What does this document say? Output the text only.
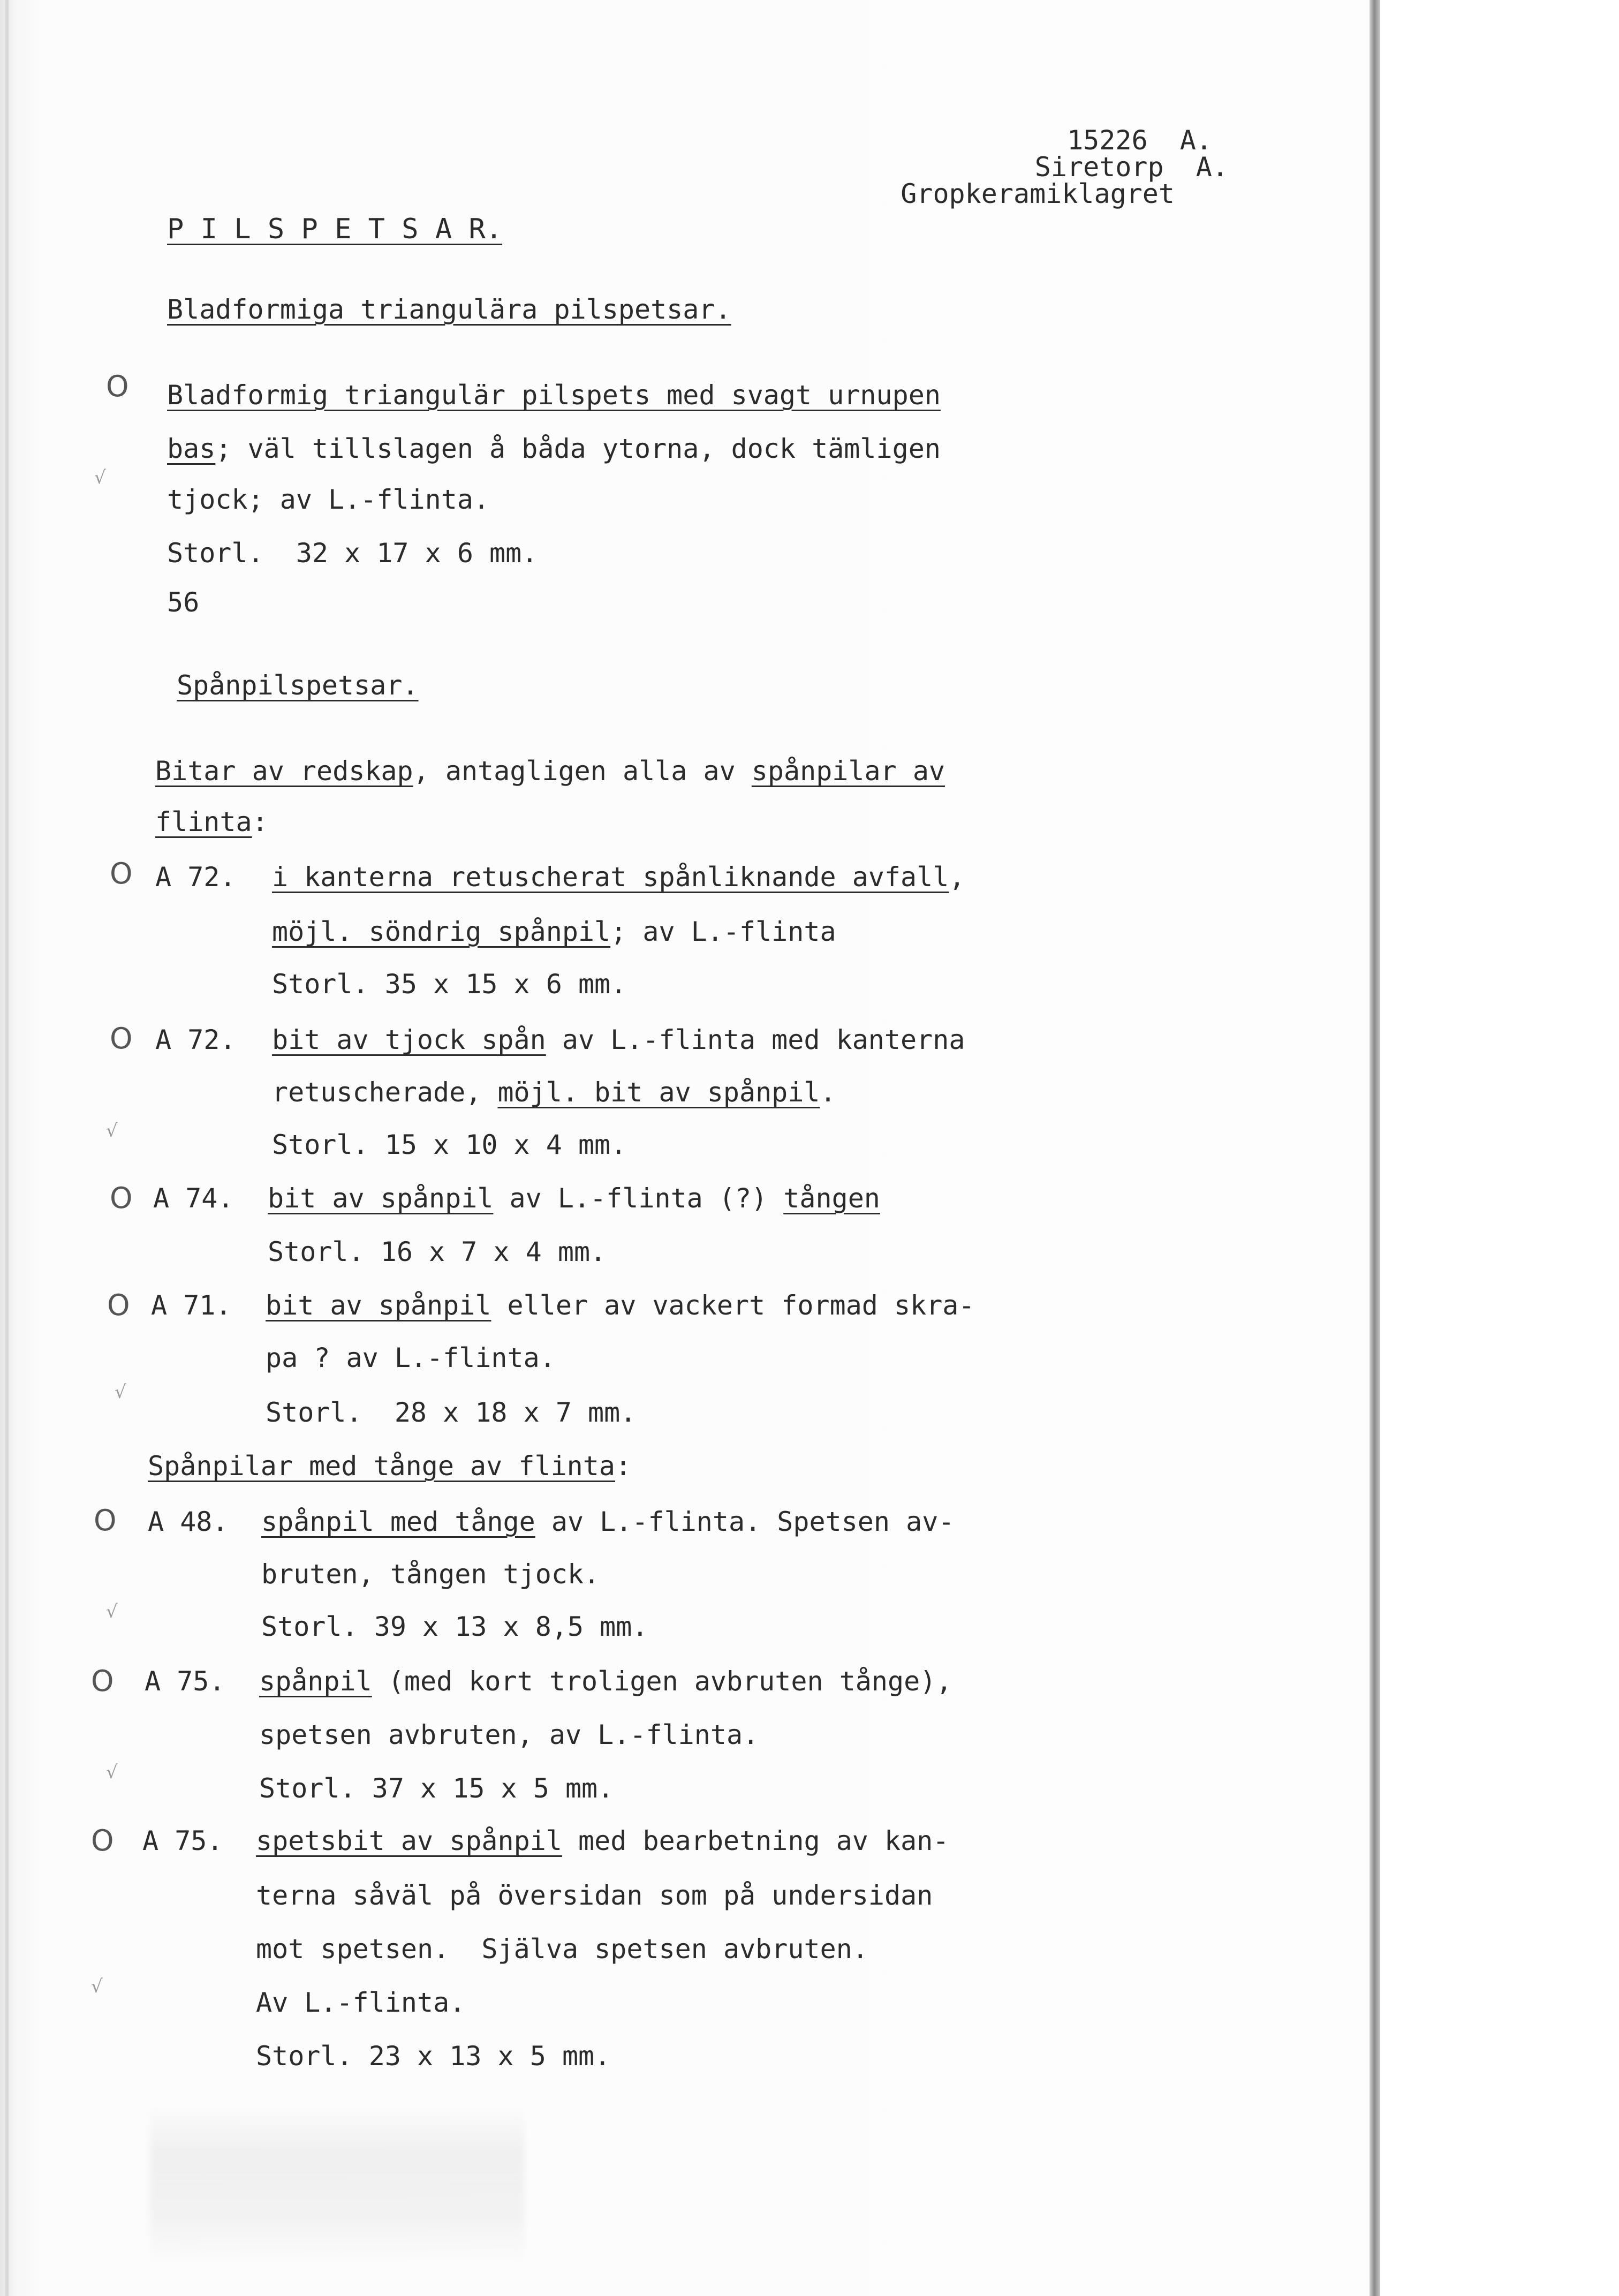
15226  A.
Siretorp  A.
Gropkeramiklagret
P I L S P E T S A R.
Bladformiga triangulära pilspetsar.
O
√
Bladformig triangulär pilspets med svagt urnupen
bas; väl tillslagen å båda ytorna, dock tämligen
tjock; av L.-flinta.
Storl.  32 x 17 x 6 mm.
56
Spånpilspetsar.
Bitar av redskap, antagligen alla av spånpilar av
flinta:
O A 72. i kanterna retuscherat spånliknande avfall,
möjl. söndrig spånpil; av L.-flinta
Storl. 35 x 15 x 6 mm.
O A 72. bit av tjock spån av L.-flinta med kanterna
retuscherade, möjl. bit av spånpil.
√	Storl. 15 x 10 x 4 mm.
O A 74. bit av spånpil av L.-flinta (?) tången
Storl. 16 x 7 x 4 mm.
O A 71. bit av spånpil eller av vackert formad skra-
pa ? av L.-flinta.
√
Storl.  28 x 18 x 7 mm.
Spånpilar med tånge av flinta:
O A 48. spånpil med tånge av L.-flinta. Spetsen av-
bruten, tången tjock.
√	Storl. 39 x 13 x 8,5 mm.
O A 75. spånpil (med kort troligen avbruten tånge),
spetsen avbruten, av L.-flinta.
√
Storl. 37 x 15 x 5 mm.
O A 75. spetsbit av spånpil med bearbetning av kan-
terna såväl på översidan som på undersidan
mot spetsen.  Själva spetsen avbruten.
√
Av L.-flinta.
Storl. 23 x 13 x 5 mm.
